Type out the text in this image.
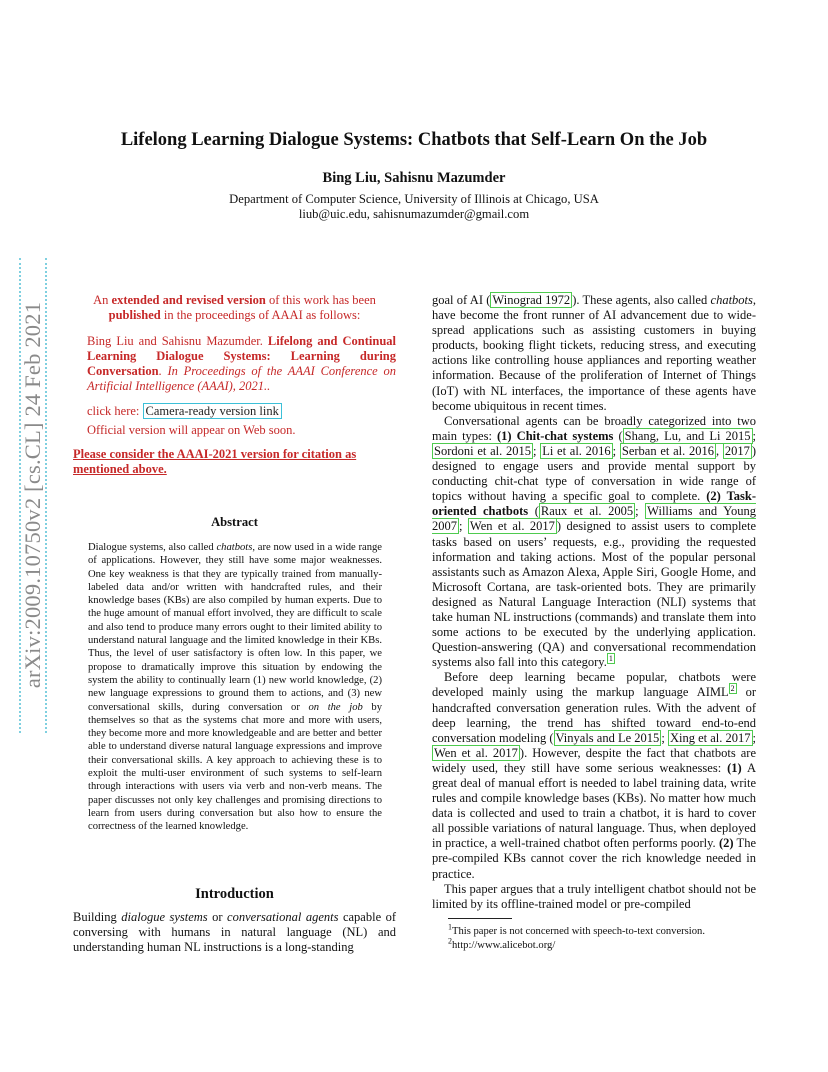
Lifelong Learning Dialogue Systems: Chatbots that Self-Learn On the Job
Bing Liu, Sahisnu Mazumder
Department of Computer Science, University of Illinois at Chicago, USA
liub@uic.edu, sahisnumazumder@gmail.com
arXiv:2009.10750v2 [cs.CL] 24 Feb 2021

An extended and revised version of this work has been published in the proceedings of AAAI as follows:

Bing Liu and Sahisnu Mazumder. Lifelong and Continual Learning Dialogue Systems: Learning during Conversation. In Proceedings of the AAAI Conference on Artificial Intelligence (AAAI), 2021..

click here: Camera-ready version link

Official version will appear on Web soon.

Please consider the AAAI-2021 version for citation as mentioned above.

Abstract
Dialogue systems, also called chatbots, are now used in a wide range of applications. However, they still have some major weaknesses. One key weakness is that they are typically trained from manually-labeled data and/or written with handcrafted rules, and their knowledge bases (KBs) are also compiled by human experts. Due to the huge amount of manual effort involved, they are difficult to scale and also tend to produce many errors ought to their limited ability to understand natural language and the limited knowledge in their KBs. Thus, the level of user satisfactory is often low. In this paper, we propose to dramatically improve this situation by endowing the system the ability to continually learn (1) new world knowledge, (2) new language expressions to ground them to actions, and (3) new conversational skills, during conversation or on the job by themselves so that as the systems chat more and more with users, they become more and more knowledgeable and are better and better able to understand diverse natural language expressions and improve their conversational skills. A key approach to achieving these is to exploit the multi-user environment of such systems to self-learn through interactions with users via verb and non-verb means. The paper discusses not only key challenges and promising directions to learn from users during conversation but also how to ensure the correctness of the learned knowledge.
Introduction
Building dialogue systems or conversational agents capable of conversing with humans in natural language (NL) and understanding human NL instructions is a long-standing

goal of AI ( Winograd 1972 ). These agents, also called chatbots, have become the front runner of AI advancement due to wide-spread applications such as assisting customers in buying products, booking flight tickets, reducing stress, and executing actions like controlling house appliances and reporting weather information. Because of the proliferation of Internet of Things (IoT) with NL interfaces, the importance of these agents have become ubiquitous in recent times.

Conversational agents can be broadly categorized into two main types: (1) Chit-chat systems ( Shang, Lu, and Li 2015 ; Sordoni et al. 2015 ; Li et al. 2016 ; Serban et al. 2016 , 2017 ) designed to engage users and provide mental support by conducting chit-chat type of conversation in wide range of topics without having a specific goal to complete. (2) Task-oriented chatbots ( Raux et al. 2005 ; Williams and Young 2007 ; Wen et al. 2017 ) designed to assist users to complete tasks based on users’ requests, e.g., providing the requested information and taking actions. Most of the popular personal assistants such as Amazon Alexa, Apple Siri, Google Home, and Microsoft Cortana, are task-oriented bots. They are primarily designed as Natural Language Interaction (NLI) systems that take human NL instructions (commands) and translate them into some actions to be executed by the underlying application. Question-answering (QA) and conversational recommendation systems also fall into this category. $^1$

Before deep learning became popular, chatbots were developed mainly using the markup language AIML $^2$ or handcrafted conversation generation rules. With the advent of deep learning, the trend has shifted toward end-to-end conversation modeling ( Vinyals and Le 2015 ; Xing et al. 2017 ; Wen et al. 2017 ). However, despite the fact that chatbots are widely used, they still have some serious weaknesses: (1) A great deal of manual effort is needed to label training data, write rules and compile knowledge bases (KBs). No matter how much data is collected and used to train a chatbot, it is hard to cover all possible variations of natural language. Thus, when deployed in practice, a well-trained chatbot often performs poorly. (2) The pre-compiled KBs cannot cover the rich knowledge needed in practice.

This paper argues that a truly intelligent chatbot should not be limited by its offline-trained model or pre-compiled

$^1$This paper is not concerned with speech-to-text conversion.
$^2$http://www.alicebot.org/
